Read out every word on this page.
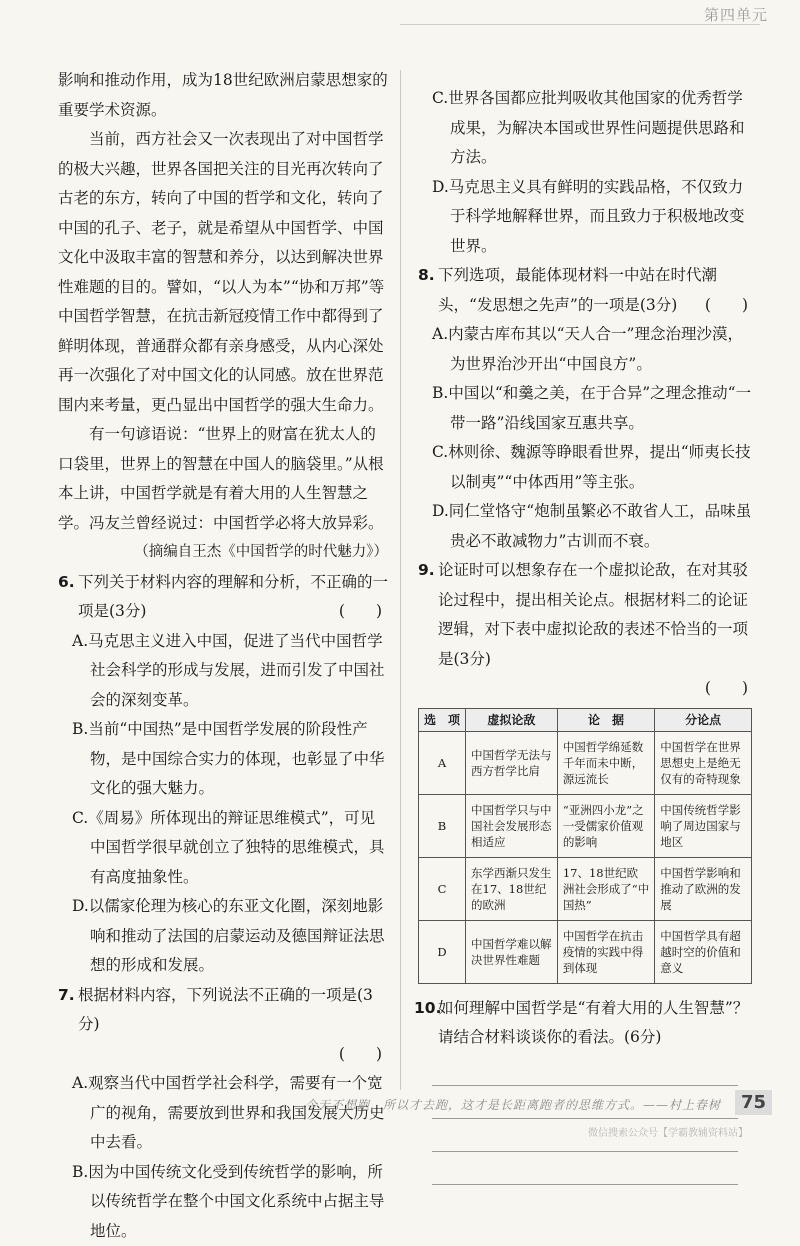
第四单元

影响和推动作用，成为18世纪欧洲启蒙思想家的重要学术资源。

当前，西方社会又一次表现出了对中国哲学的极大兴趣，世界各国把关注的目光再次转向了古老的东方，转向了中国的哲学和文化，转向了中国的孔子、老子，就是希望从中国哲学、中国文化中汲取丰富的智慧和养分，以达到解决世界性难题的目的。譬如，“以人为本”“协和万邦”等中国哲学智慧，在抗击新冠疫情工作中都得到了鲜明体现，普通群众都有亲身感受，从内心深处再一次强化了对中国文化的认同感。放在世界范围内来考量，更凸显出中国哲学的强大生命力。

有一句谚语说：“世界上的财富在犹太人的口袋里，世界上的智慧在中国人的脑袋里。”从根本上讲，中国哲学就是有着大用的人生智慧之学。冯友兰曾经说过：中国哲学必将大放异彩。

（摘编自王杰《中国哲学的时代魅力》）

6. 下列关于材料内容的理解和分析，不正确的一项是(3分)	(　　)

A.马克思主义进入中国，促进了当代中国哲学社会科学的形成与发展，进而引发了中国社会的深刻变革。

B.当前“中国热”是中国哲学发展的阶段性产物，是中国综合实力的体现，也彰显了中华文化的强大魅力。

C.《周易》所体现出的辩证思维模式”，可见中国哲学很早就创立了独特的思维模式，具有高度抽象性。

D.以儒家伦理为核心的东亚文化圈，深刻地影响和推动了法国的启蒙运动及德国辩证法思想的形成和发展。

7. 根据材料内容，下列说法不正确的一项是(3分)

(　　)

A.观察当代中国哲学社会科学，需要有一个宽广的视角，需要放到世界和我国发展大历史中去看。

B.因为中国传统文化受到传统哲学的影响，所以传统哲学在整个中国文化系统中占据主导地位。

C.世界各国都应批判吸收其他国家的优秀哲学成果，为解决本国或世界性问题提供思路和方法。

D.马克思主义具有鲜明的实践品格，不仅致力于科学地解释世界，而且致力于积极地改变世界。

8. 下列选项，最能体现材料一中站在时代潮头，“发思想之先声”的一项是(3分) (　　)

A.内蒙古库布其以“天人合一”理念治理沙漠，为世界治沙开出“中国良方”。

B.中国以“和羹之美，在于合异”之理念推动“一带一路”沿线国家互惠共享。

C.林则徐、魏源等睁眼看世界，提出“师夷长技以制夷”“中体西用”等主张。

D.同仁堂恪守“炮制虽繁必不敢省人工，品味虽贵必不敢减物力”古训而不衰。

9. 论证时可以想象存在一个虚拟论敌，在对其驳论过程中，提出相关论点。根据材料二的论证逻辑，对下表中虚拟论敌的表述不恰当的一项是(3分)

(　　)

选　项	虚拟论敌	论　据	分论点
A	中国哲学无法与西方哲学比肩	中国哲学绵延数千年而未中断，源远流长	中国哲学在世界思想史上是绝无仅有的奇特现象
B	中国哲学只与中国社会发展形态相适应	“亚洲四小龙”之一受儒家价值观的影响	中国传统哲学影响了周边国家与地区
C	东学西渐只发生在17、18世纪的欧洲	17、18世纪欧洲社会形成了“中国热”	中国哲学影响和推动了欧洲的发展
D	中国哲学难以解决世界性难题	中国哲学在抗击疫情的实践中得到体现	中国哲学具有超越时空的价值和意义
10.
如何理解中国哲学是“有着大用的人生智慧”？请结合材料谈谈你的看法。(6分)
今天不想跑，所以才去跑，这才是长距离跑者的思维方式。——村上春树	75
微信搜索公众号【学霸教辅资料站】
